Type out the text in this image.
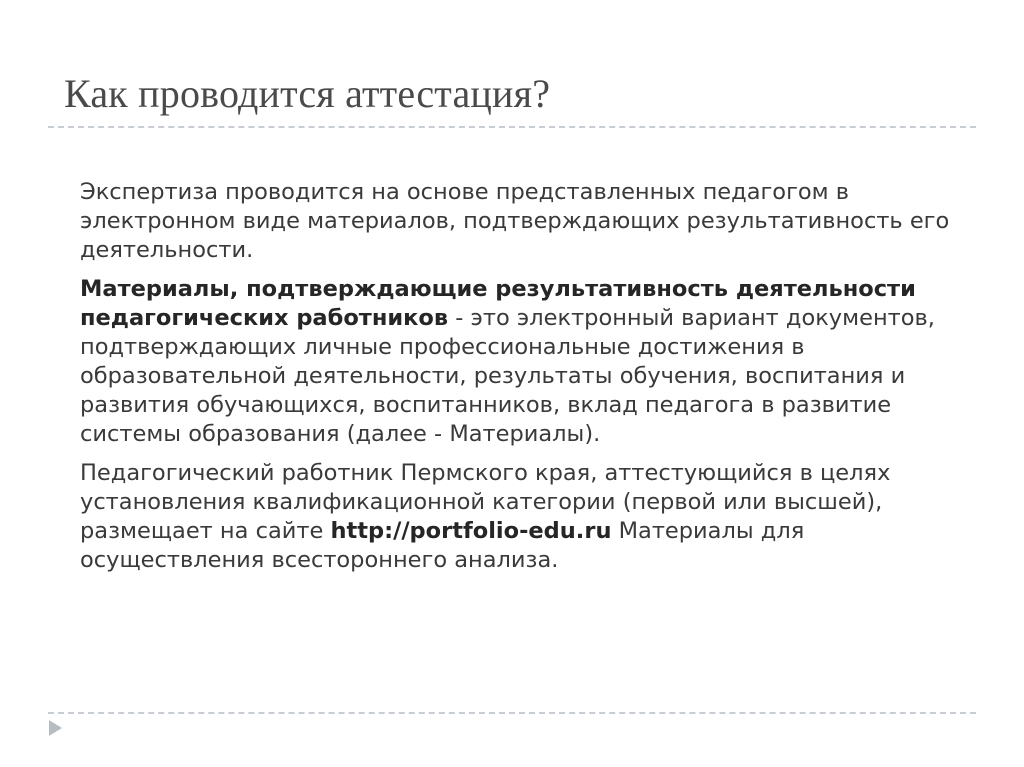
Как проводится аттестация?

Экспертиза проводится на основе представленных педагогом в электронном виде материалов, подтверждающих результативность его деятельности.

Материалы, подтверждающие результативность деятельности педагогических работников - это электронный вариант документов, подтверждающих личные профессиональные достижения в образовательной деятельности, результаты обучения, воспитания и развития обучающихся, воспитанников, вклад педагога в развитие системы образования (далее - Материалы).

Педагогический работник Пермского края, аттестующийся в целях установления квалификационной категории (первой или высшей), размещает на сайте http://portfolio-edu.ru Материалы для осуществления всестороннего анализа.
